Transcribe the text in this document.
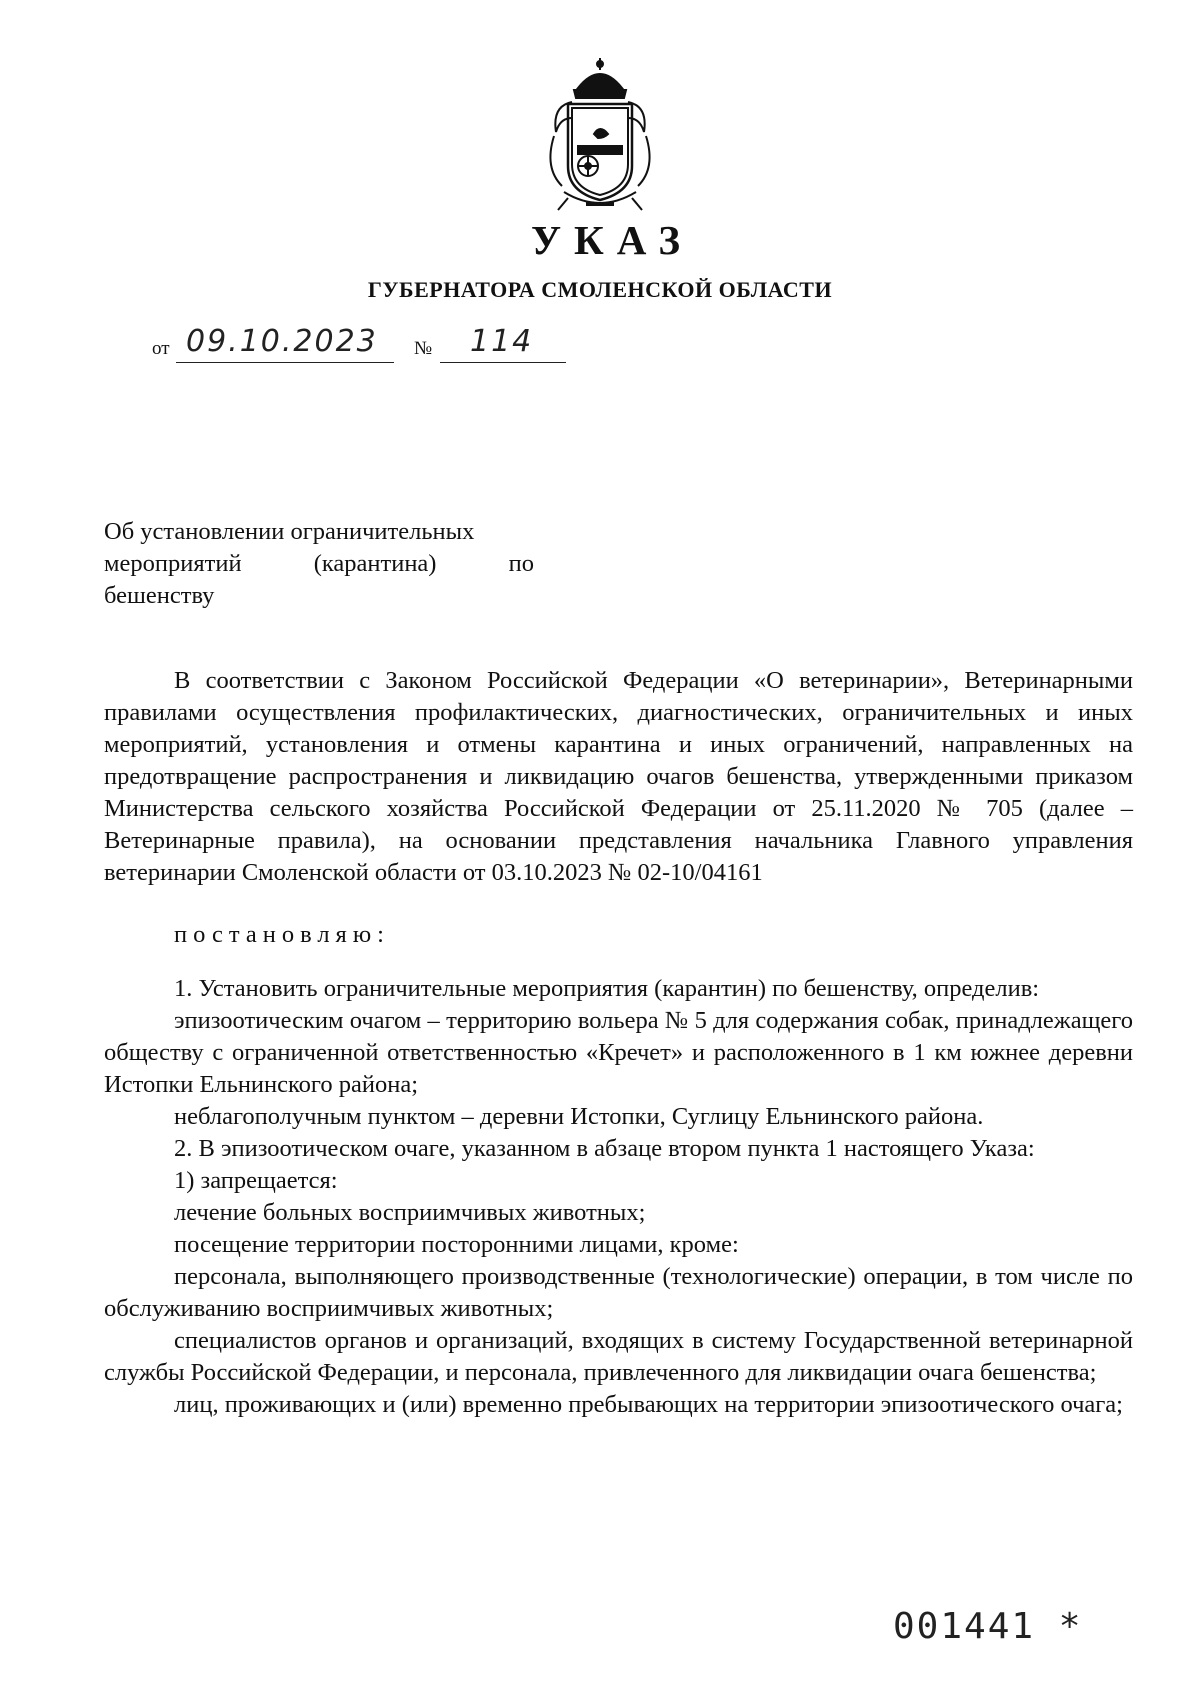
УКАЗ
ГУБЕРНАТОРА СМОЛЕНСКОЙ ОБЛАСТИ
от 09.10.2023 № 114
Об установлении ограничительных
мероприятий	(карантина)	по
бешенству

В соответствии с Законом Российской Федерации «О ветеринарии», Ветеринарными правилами осуществления профилактических, диагностических, ограничительных и иных мероприятий, установления и отмены карантина и иных ограничений, направленных на предотвращение распространения и ликвидацию очагов бешенства, утвержденными приказом Министерства сельского хозяйства Российской Федерации от 25.11.2020 № 705 (далее – Ветеринарные правила), на основании представления начальника Главного управления ветеринарии Смоленской области от 03.10.2023 № 02-10/04161

постановляю:

1. Установить ограничительные мероприятия (карантин) по бешенству, определив:

эпизоотическим очагом – территорию вольера № 5 для содержания собак, принадлежащего обществу с ограниченной ответственностью «Кречет» и расположенного в 1 км южнее деревни Истопки Ельнинского района;

неблагополучным пунктом – деревни Истопки, Суглицу Ельнинского района.

2. В эпизоотическом очаге, указанном в абзаце втором пункта 1 настоящего Указа:

1) запрещается:

лечение больных восприимчивых животных;

посещение территории посторонними лицами, кроме:

персонала, выполняющего производственные (технологические) операции, в том числе по обслуживанию восприимчивых животных;

специалистов органов и организаций, входящих в систему Государственной ветеринарной службы Российской Федерации, и персонала, привлеченного для ликвидации очага бешенства;

лиц, проживающих и (или) временно пребывающих на территории эпизоотического очага;

001441 *
